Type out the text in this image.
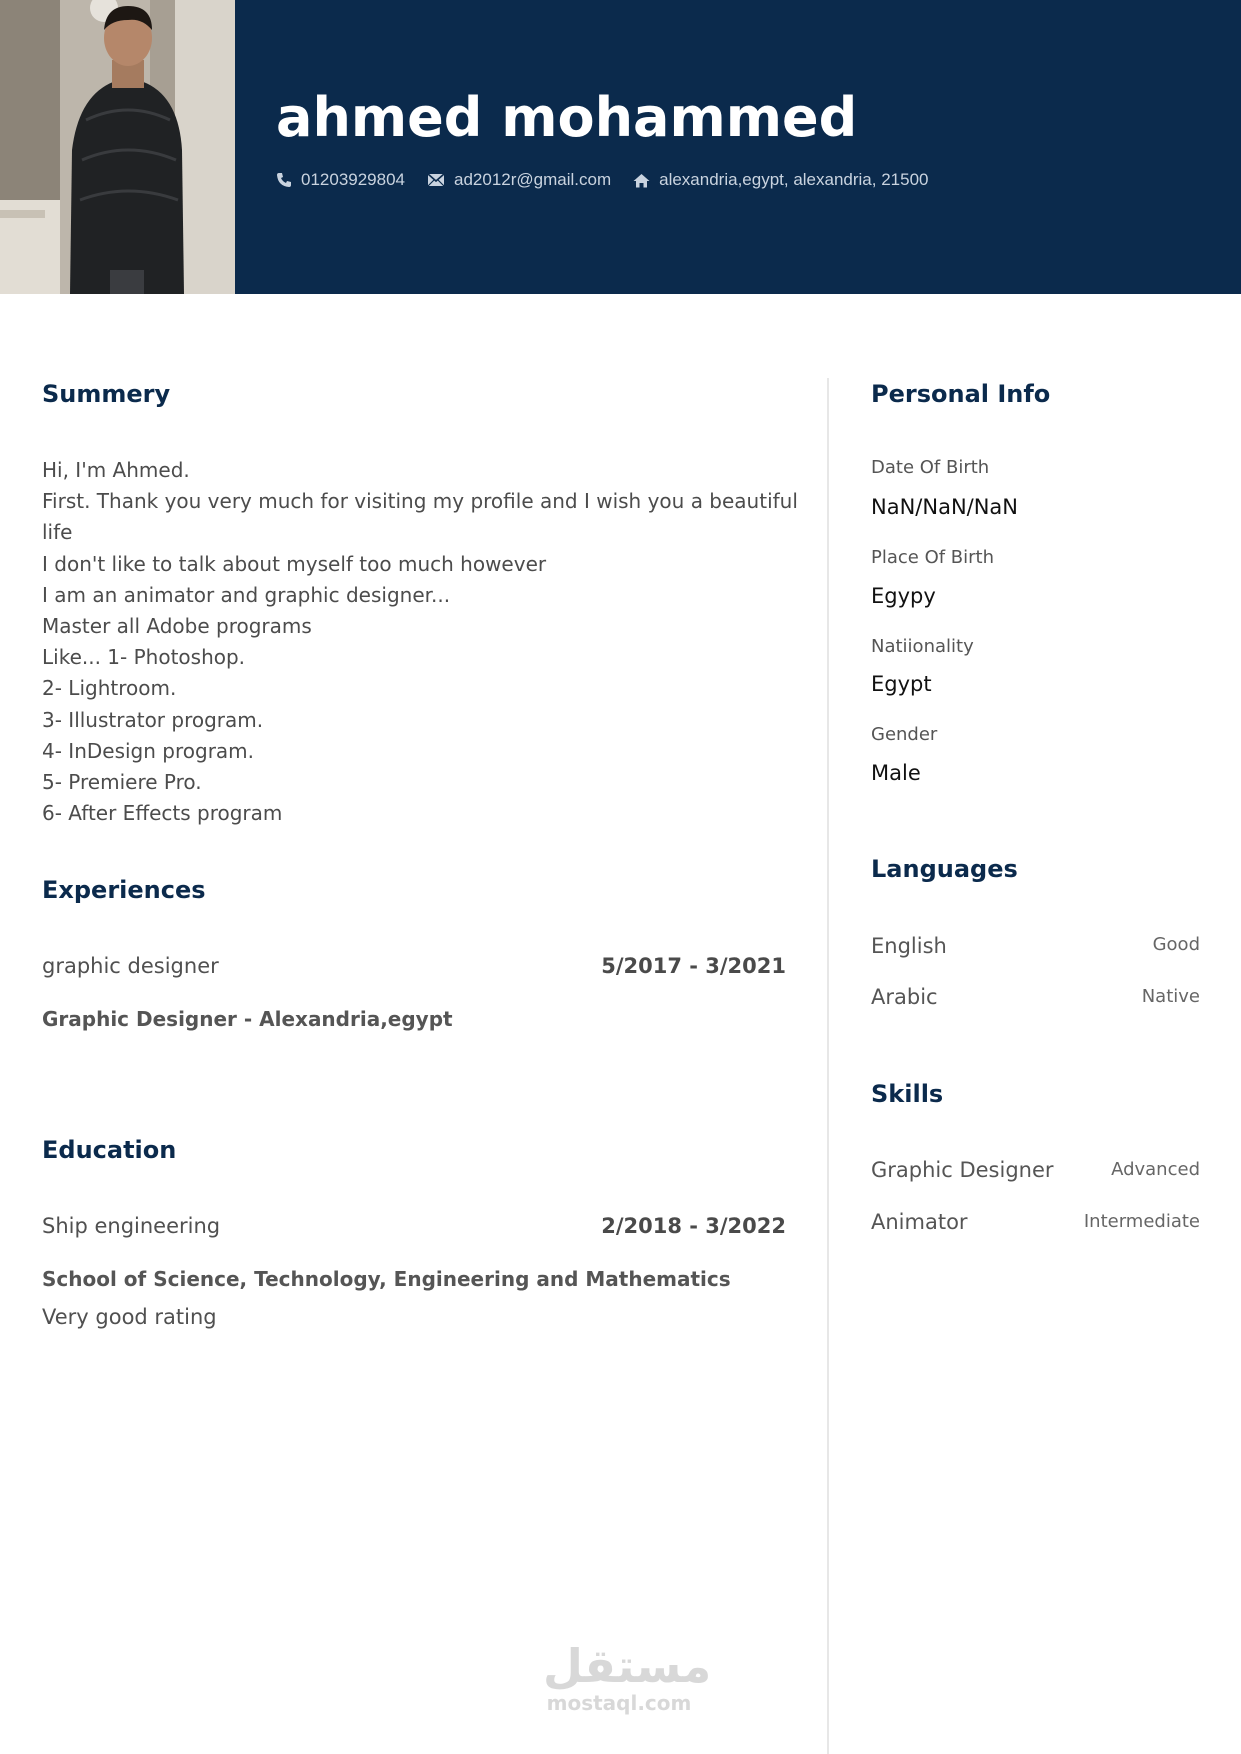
ahmed mohammed
01203929804	ad2012r@gmail.com	alexandria,egypt, alexandria, 21500
Summery
Hi, I'm Ahmed.
First. Thank you very much for visiting my profile and I wish you a beautiful
life
I don't like to talk about myself too much however
I am an animator and graphic designer...
Master all Adobe programs
Like... 1- Photoshop.
2- Lightroom.
3- Illustrator program.
4- InDesign program.
5- Premiere Pro.
6- After Effects program
Experiences
graphic designer	5/2017 - 3/2021
Graphic Designer - Alexandria,egypt
Education
Ship engineering	2/2018 - 3/2022
School of Science, Technology, Engineering and Mathematics
Very good rating
Personal Info
Date Of Birth
NaN/NaN/NaN
Place Of Birth
Egypy
Natiionality
Egypt
Gender
Male
Languages
English	Good
Arabic	Native
Skills
Graphic Designer	Advanced
Animator	Intermediate
مستقل
mostaql.com
